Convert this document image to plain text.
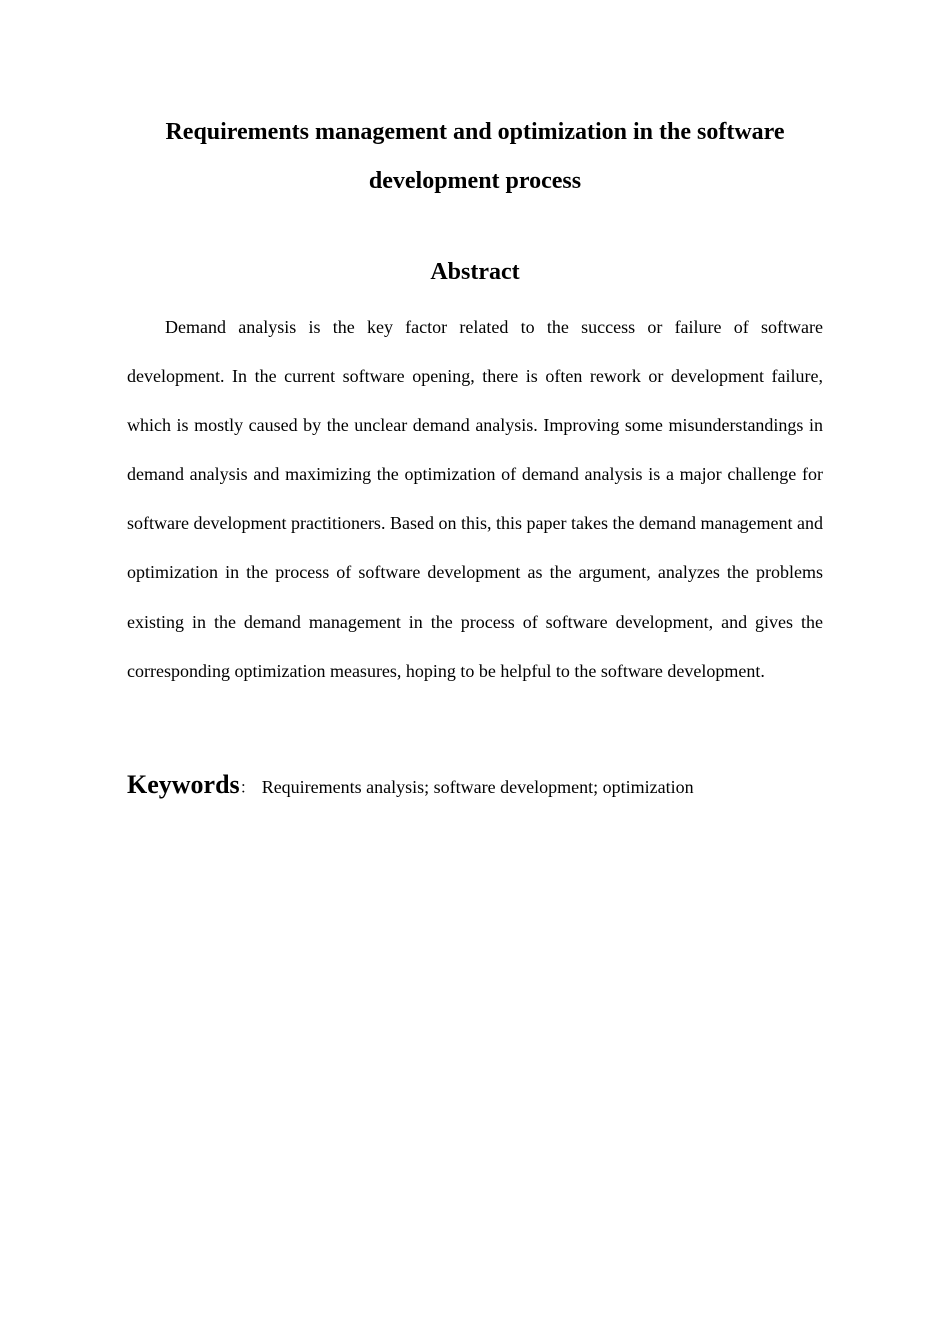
Requirements management and optimization in the software development process
Abstract

Demand analysis is the key factor related to the success or failure of software development. In the current software opening, there is often rework or development failure, which is mostly caused by the unclear demand analysis. Improving some misunderstandings in demand analysis and maximizing the optimization of demand analysis is a major challenge for software development practitioners. Based on this, this paper takes the demand management and optimization in the process of software development as the argument, analyzes the problems existing in the demand management in the process of software development, and gives the corresponding optimization measures, hoping to be helpful to the software development.

Keywords： Requirements analysis; software development; optimization
